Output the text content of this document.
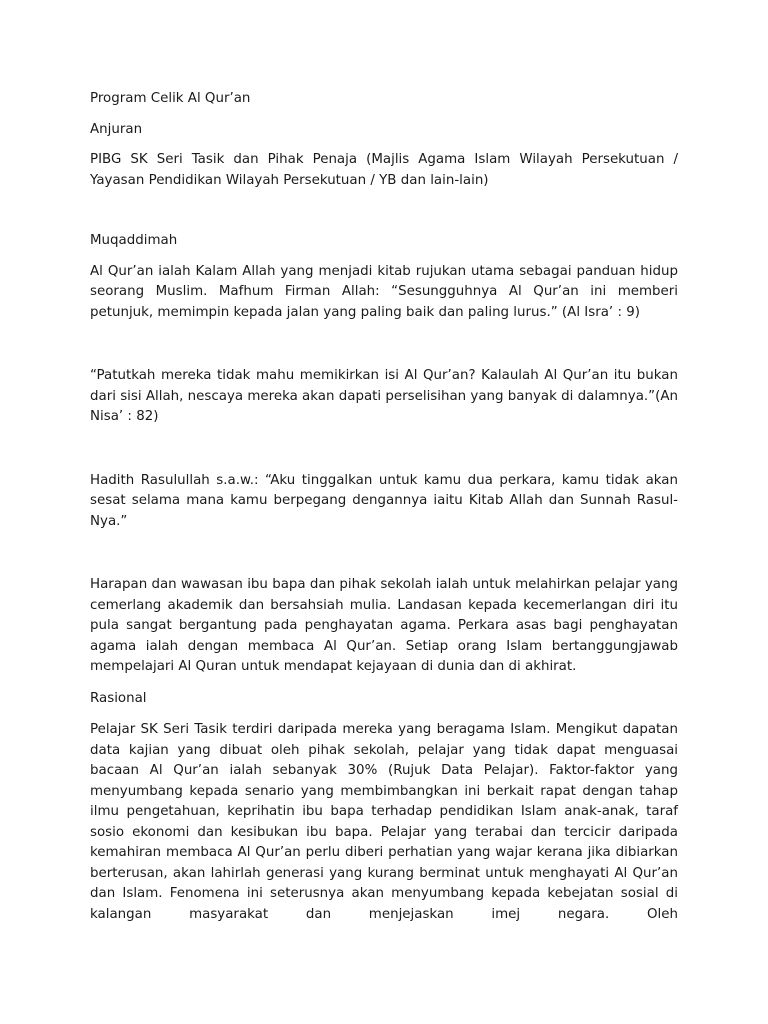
Program Celik Al Qur’an

Anjuran

PIBG SK Seri Tasik dan Pihak Penaja (Majlis Agama Islam Wilayah Persekutuan / Yayasan Pendidikan Wilayah Persekutuan / YB dan lain-lain)

Muqaddimah

Al Qur’an ialah Kalam Allah yang menjadi kitab rujukan utama sebagai panduan hidup seorang Muslim. Mafhum Firman Allah: “Sesungguhnya Al Qur’an ini memberi petunjuk, memimpin kepada jalan yang paling baik dan paling lurus.” (Al Isra’ : 9)

“Patutkah mereka tidak mahu memikirkan isi Al Qur’an? Kalaulah Al Qur’an itu bukan dari sisi Allah, nescaya mereka akan dapati perselisihan yang banyak di dalamnya.”(An Nisa’ : 82)

Hadith Rasulullah s.a.w.: “Aku tinggalkan untuk kamu dua perkara, kamu tidak akan sesat selama mana kamu berpegang dengannya iaitu Kitab Allah dan Sunnah Rasul-Nya.”

Harapan dan wawasan ibu bapa dan pihak sekolah ialah untuk melahirkan pelajar yang cemerlang akademik dan bersahsiah mulia. Landasan kepada kecemerlangan diri itu pula sangat bergantung pada penghayatan agama. Perkara asas bagi penghayatan agama ialah dengan membaca Al Qur’an. Setiap orang Islam bertanggungjawab mempelajari Al Quran untuk mendapat kejayaan di dunia dan di akhirat.

Rasional

Pelajar SK Seri Tasik terdiri daripada mereka yang beragama Islam. Mengikut dapatan data kajian yang dibuat oleh pihak sekolah, pelajar yang tidak dapat menguasai bacaan Al Qur’an ialah sebanyak 30% (Rujuk Data Pelajar). Faktor-faktor yang menyumbang kepada senario yang membimbangkan ini berkait rapat dengan tahap ilmu pengetahuan, keprihatin ibu bapa terhadap pendidikan Islam anak-anak, taraf sosio ekonomi dan kesibukan ibu bapa. Pelajar yang terabai dan tercicir daripada kemahiran membaca Al Qur’an perlu diberi perhatian yang wajar kerana jika dibiarkan berterusan, akan lahirlah generasi yang kurang berminat untuk menghayati Al Qur’an dan Islam. Fenomena ini seterusnya akan menyumbang kepada kebejatan sosial di kalangan masyarakat dan menjejaskan imej negara. Oleh
